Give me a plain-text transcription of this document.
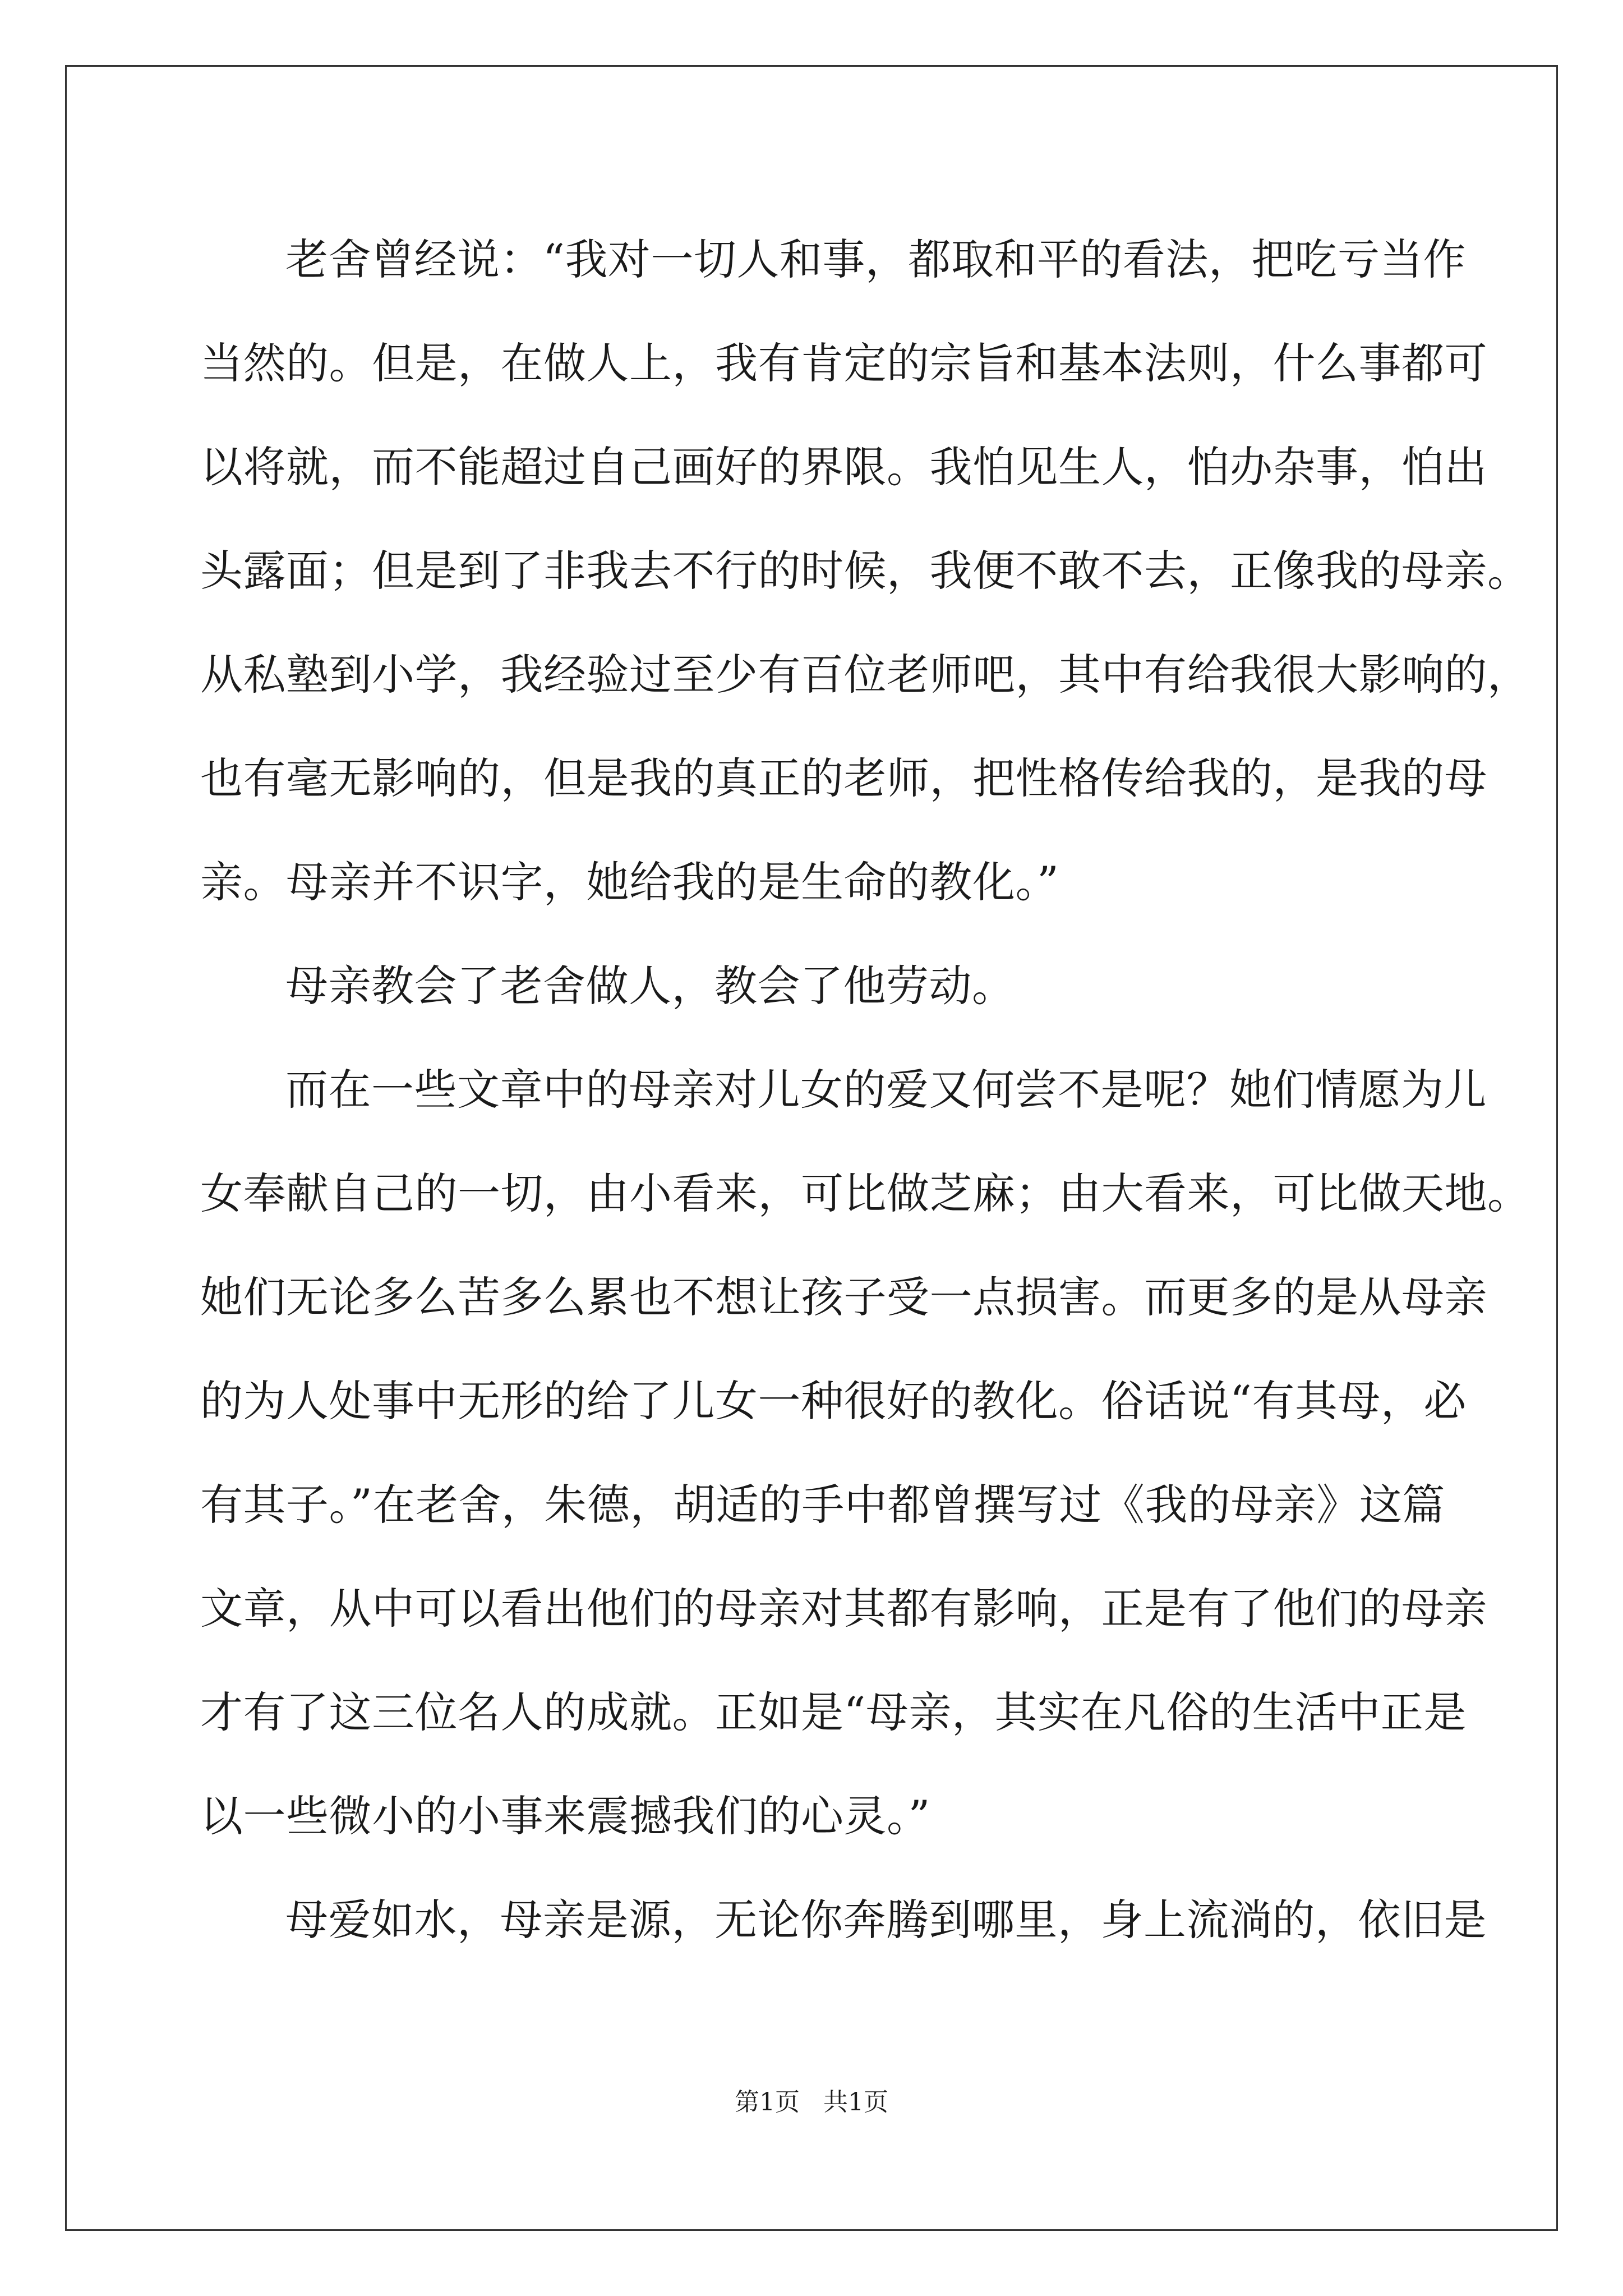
老舍曾经说：“我对一切人和事，都取和平的看法，把吃亏当作
当然的。但是，在做人上，我有肯定的宗旨和基本法则，什么事都可
以将就，而不能超过自己画好的界限。我怕见生人，怕办杂事，怕出
头露面；但是到了非我去不行的时候，我便不敢不去，正像我的母亲。
从私塾到小学，我经验过至少有百位老师吧，其中有给我很大影响的，
也有毫无影响的，但是我的真正的老师，把性格传给我的，是我的母
亲。母亲并不识字，她给我的是生命的教化。”

母亲教会了老舍做人，教会了他劳动。

而在一些文章中的母亲对儿女的爱又何尝不是呢？她们情愿为儿
女奉献自己的一切，由小看来，可比做芝麻；由大看来，可比做天地。
她们无论多么苦多么累也不想让孩子受一点损害。而更多的是从母亲
的为人处事中无形的给了儿女一种很好的教化。俗话说“有其母，必
有其子。”在老舍，朱德，胡适的手中都曾撰写过《我的母亲》这篇
文章，从中可以看出他们的母亲对其都有影响，正是有了他们的母亲
才有了这三位名人的成就。正如是“母亲，其实在凡俗的生活中正是
以一些微小的小事来震撼我们的心灵。”

母爱如水，母亲是源，无论你奔腾到哪里，身上流淌的，依旧是

第1页 共1页
